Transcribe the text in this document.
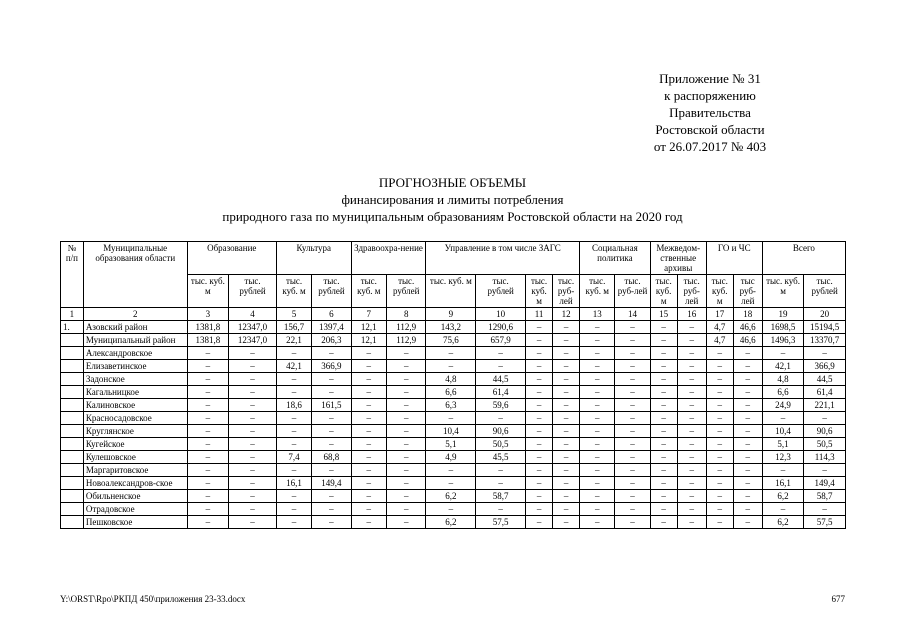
Приложение № 31
к распоряжению
Правительства
Ростовской области
от 26.07.2017 № 403
ПРОГНОЗНЫЕ ОБЪЕМЫ
финансирования и лимиты потребления
природного газа по муниципальным образованиям Ростовской области на 2020 год
№ п/п	Муниципальные образования области	Образование		Культура		Здравоохра-нение		Управление в том числе ЗАГС				Социальная политика		Межведом-ственные архивы		ГО и ЧС		Всего	
		тыс. куб. м	тыс. рублей	тыс. куб. м	тыс. рублей	тыс. куб. м	тыс. рублей	тыс. куб. м	тыс. рублей	тыс. куб. м	тыс. руб-лей	тыс. куб. м	тыс. руб-лей	тыс. куб. м	тыс. руб-лей	тыс. куб. м	тыс руб-лей	тыс. куб. м	тыс. рублей
1	2	3	4	5	6	7	8	9	10	11	12	13	14	15	16	17	18	19	20
1.	Азовский район	1381,8	12347,0	156,7	1397,4	12,1	112,9	143,2	1290,6	–	–	–	–	–	–	4,7	46,6	1698,5	15194,5
	Муниципальный район	1381,8	12347,0	22,1	206,3	12,1	112,9	75,6	657,9	–	–	–	–	–	–	4,7	46,6	1496,3	13370,7
	Александровское	–	–	–	–	–	–	–	–	–	–	–	–	–	–	–	–	–	–
	Елизаветинское	–	–	42,1	366,9	–	–	–	–	–	–	–	–	–	–	–	–	42,1	366,9
	Задонское	–	–	–	–	–	–	4,8	44,5	–	–	–	–	–	–	–	–	4,8	44,5
	Кагальницкое	–	–	–	–	–	–	6,6	61,4	–	–	–	–	–	–	–	–	6,6	61,4
	Калиновское	–	–	18,6	161,5	–	–	6,3	59,6	–	–	–	–	–	–	–	–	24,9	221,1
	Красносадовское	–	–	–	–	–	–	–	–	–	–	–	–	–	–	–	–	–	–
	Круглянское	–	–	–	–	–	–	10,4	90,6	–	–	–	–	–	–	–	–	10,4	90,6
	Кугейское	–	–	–	–	–	–	5,1	50,5	–	–	–	–	–	–	–	–	5,1	50,5
	Кулешовское	–	–	7,4	68,8	–	–	4,9	45,5	–	–	–	–	–	–	–	–	12,3	114,3
	Маргаритовское	–	–	–	–	–	–	–	–	–	–	–	–	–	–	–	–	–	–
	Новоалександров-ское	–	–	16,1	149,4	–	–	–	–	–	–	–	–	–	–	–	–	16,1	149,4
	Обильненское	–	–	–	–	–	–	6,2	58,7	–	–	–	–	–	–	–	–	6,2	58,7
	Отрадовское	–	–	–	–	–	–	–	–	–	–	–	–	–	–	–	–	–	–
	Пешковское	–	–	–	–	–	–	6,2	57,5	–	–	–	–	–	–	–	–	6,2	57,5
Y:\ORST\Rpo\РКПД 450\приложения 23-33.docx	677
